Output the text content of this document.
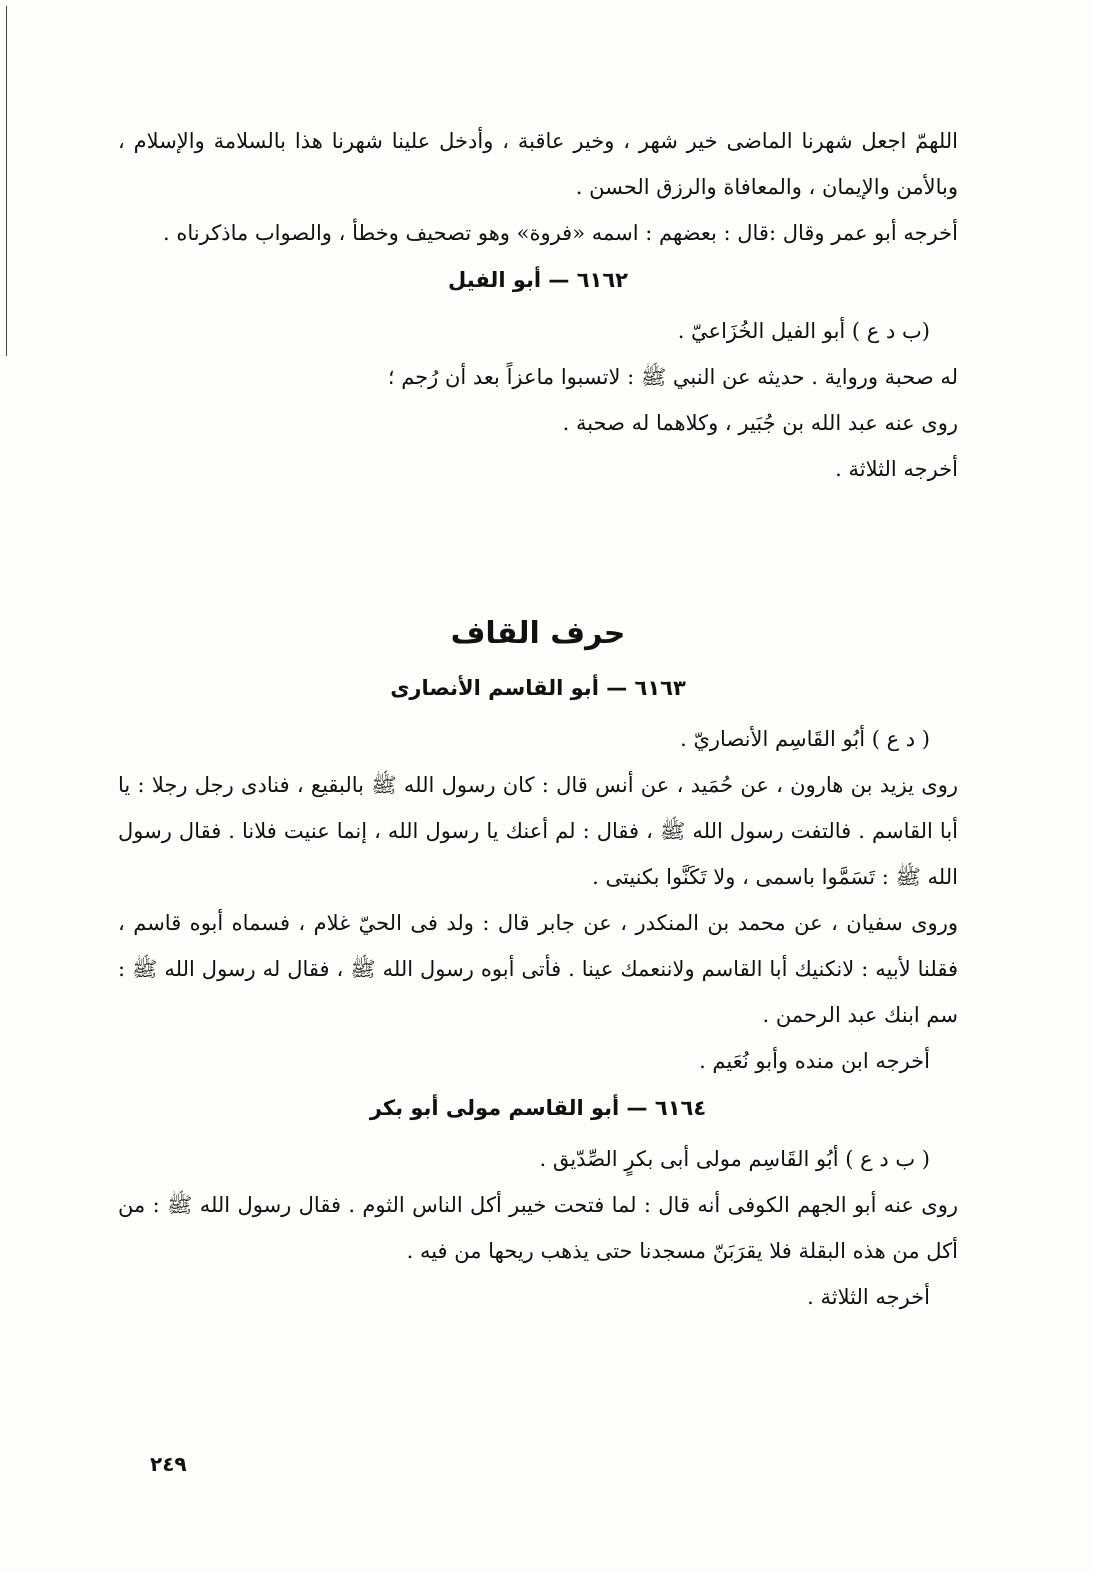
اللهمّ اجعل شهرنا الماضى خير شهر ، وخير عاقبة ، وأدخل علينا شهرنا هذا بالسلامة والإسلام ، وبالأمن والإيمان ، والمعافاة والرزق الحسن .

أخرجه أبو عمر وقال :قال : بعضهم : اسمه «فروة» وهو تصحيف وخطأ ، والصواب ماذكرناه .

٦١٦٢ — أبو الفيل

(ب د ع ) أبو الفيل الخُزَاعيّ .

له صحبة ورواية . حديثه عن النبي ﷺ : لاتسبوا ماعزاً بعد أن رُجم ؛

روى عنه عبد الله بن جُبَير ، وكلاهما له صحبة .

أخرجه الثلاثة .

حرف القاف
٦١٦٣ — أبو القاسم الأنصارى

( د ع ) أبُو القَاسِم الأنصاريّ .

روى يزيد بن هارون ، عن حُمَيد ، عن أنس قال : كان رسول الله ﷺ بالبقيع ، فنادى رجل رجلا : يا أبا القاسم . فالتفت رسول الله ﷺ ، فقال : لم أعنك يا رسول الله ، إنما عنيت فلانا . فقال رسول الله ﷺ : تَسَمَّوا باسمى ، ولا تَكَنَّوا بكنيتى .

وروى سفيان ، عن محمد بن المنكدر ، عن جابر قال : ولد فى الحيّ غلام ، فسماه أبوه قاسم ، فقلنا لأبيه : لانكنيك أبا القاسم ولاننعمك عينا . فأتى أبوه رسول الله ﷺ ، فقال له رسول الله ﷺ : سم ابنك عبد الرحمن .

أخرجه ابن منده وأبو نُعَيم .

٦١٦٤ — أبو القاسم مولى أبو بكر

( ب د ع ) أبُو القَاسِم مولى أبى بكرٍ الصِّدّيق .

روى عنه أبو الجهم الكوفى أنه قال : لما فتحت خيبر أكل الناس الثوم . فقال رسول الله ﷺ : من أكل من هذه البقلة فلا يقرَبَنّ مسجدنا حتى يذهب ريحها من فيه .

أخرجه الثلاثة .

٢٤٩
